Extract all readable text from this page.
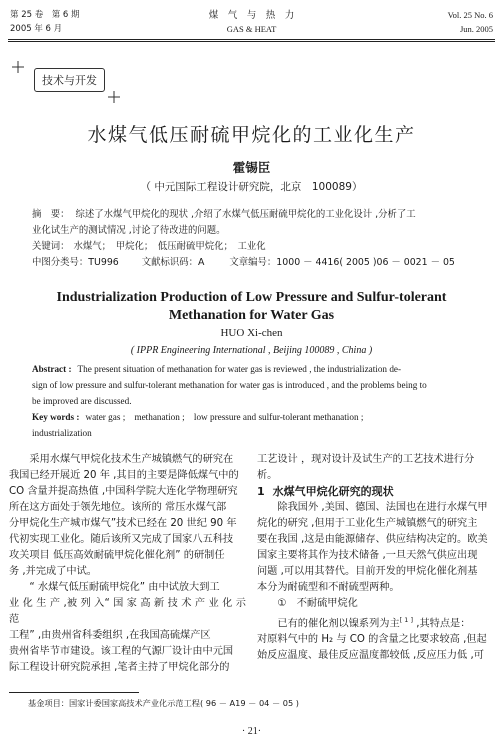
第 25 卷　第 6 期
2005 年 6 月
煤　气　与　热　力
GAS & HEAT
Vol. 25 No. 6
Jun. 2005
技术与开发
水煤气低压耐硫甲烷化的工业化生产
霍锡臣
（ 中元国际工程设计研究院，北京　100089）
摘　要： 综述了水煤气甲烷化的现状 ,介绍了水煤气低压耐硫甲烷化的工业化设计 ,分析了工
业化试生产的测试情况 ,讨论了待改进的问题。
关键词： 水煤气；　甲烷化；　低压耐硫甲烷化；　工业化
中图分类号：TU996 文献标识码：A	文章编号：1000 － 4416( 2005 )06 － 0021 － 05
Industrialization Production of Low Pressure and Sulfur-tolerant
Methanation for Water Gas
HUO Xi-chen
( IPPR Engineering International , Beijing 100089 , China )
Abstract : The present situation of methanation for water gas is reviewed , the industrialization de-
sign of low pressure and sulfur-tolerant methanation for water gas is introduced , and the problems being to
be improved are discussed.
Key words : water gas ;　methanation ;　low pressure and sulfur-tolerant methanation ;
industrialization

采用水煤气甲烷化技术生产城镇燃气的研究在

我国已经开展近 20 年 ,其目的主要是降低煤气中的

CO 含量并提高热值 ,中国科学院大连化学物理研究

所在这方面处于领先地位。该所的 常压水煤气部

分甲烷化生产城市煤气”技术已经在 20 世纪 90 年

代初实现工业化。随后该所又完成了国家八五科技

攻关项目 低压高效耐硫甲烷化催化剂” 的研制任

务 ,并完成了中试。

“ 水煤气低压耐硫甲烷化” 由中试放大到工

业 化 生 产 ,被 列 入“ 国 家 高 新 技 术 产 业 化 示 范

工程” ,由贵州省科委组织 ,在我国高硫煤产区

贵州省毕节市建设。该工程的气源厂设计由中元国

际工程设计研究院承担 ,笔者主持了甲烷化部分的

工艺设计 ，现对设计及试生产的工艺技术进行分

析。

1 水煤气甲烷化研究的现状

除我国外 ,美国、德国、法国也在进行水煤气甲

烷化的研究 ,但用于工业化生产城镇燃气的研究主

要在我国 ,这是由能源储存、供应结构决定的。欧美

国家主要将其作为技术储备 ,一旦天然气供应出现

问题 ,可以用其替代。目前开发的甲烷化催化剂基

本分为耐硫型和不耐硫型两种。

①　不耐硫甲烷化

已有的催化剂以镍系列为主[ 1 ] ,其特点是：

对原料气中的 H₂ 与 CO 的含量之比要求较高 ,但起

始反应温度、最佳反应温度都较低 ,反应压力低 ,可

基金项目：国家计委国家高技术产业化示范工程( 96 － A19 － 04 － 05 )
· 21·
